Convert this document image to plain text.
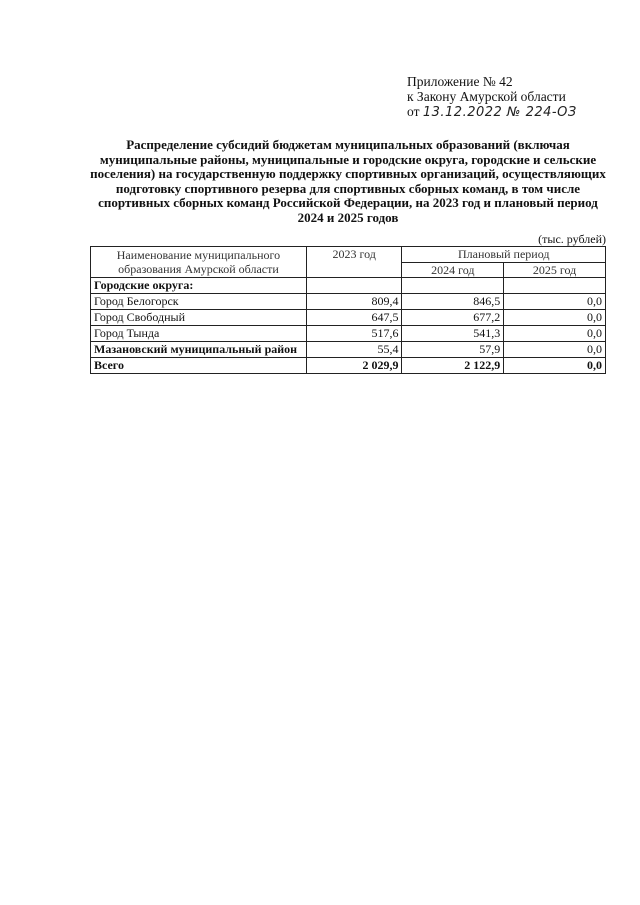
Приложение № 42
к Закону Амурской области
от 13.12.2022 № 224-ОЗ
Распределение субсидий бюджетам муниципальных образований (включая муниципальные районы, муниципальные и городские округа, городские и сельские поселения) на государственную поддержку спортивных организаций, осуществляющих подготовку спортивного резерва для спортивных сборных команд, в том числе спортивных сборных команд Российской Федерации, на 2023 год и плановый период 2024 и 2025 годов
(тыс. рублей)
Наименование муниципального образования Амурской области	2023 год	Плановый период	
		2024 год	2025 год
Городские округа:			
Город Белогорск	809,4	846,5	0,0
Город Свободный	647,5	677,2	0,0
Город Тында	517,6	541,3	0,0
Мазановский муниципальный район	55,4	57,9	0,0
Всего	2 029,9	2 122,9	0,0
